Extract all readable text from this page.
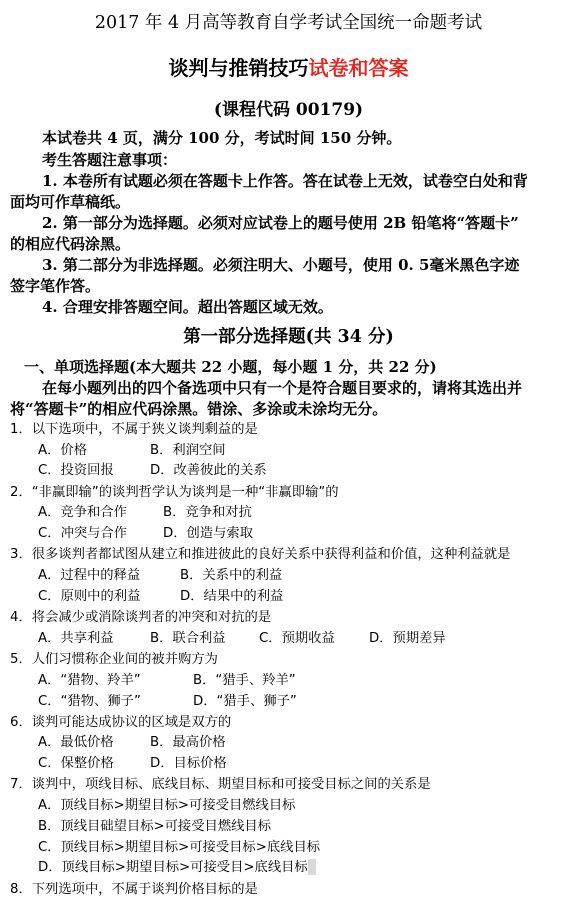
2017 年 4 月高等教育自学考试全国统一命题考试
谈判与推销技巧试卷和答案
(课程代码 00179)
本试卷共 4 页，满分 100 分，考试时间 150 分钟。
考生答题注意事项：
1. 本卷所有试题必须在答题卡上作答。答在试卷上无效，试卷空白处和背
面均可作草稿纸。
2. 第一部分为选择题。必须对应试卷上的题号使用 2B 铅笔将“答题卡”
的相应代码涂黑。
3. 第二部分为非选择题。必须注明大、小题号，使用 0. 5毫米黑色字迹
签字笔作答。
4. 合理安排答题空间。超出答题区域无效。
第一部分选择题(共 34 分)
一、单项选择题(本大题共 22 小题，每小题 1 分，共 22 分)
在每小题列出的四个备选项中只有一个是符合题目要求的，请将其选出并
将“答题卡”的相应代码涂黑。错涂、多涂或未涂均无分。
1．以下选项中，不属于狭义谈判剩益的是
A．价格	B．利润空间
C．投资回报	D．改善彼此的关系
2．“非赢即输”的谈判哲学认为谈判是一种“非赢即输”的
A．竞争和合作	B．竞争和对抗
C．冲突与合作	D．创造与索取
3．很多谈判者都试图从建立和推进彼此的良好关系中获得利益和价值，这种利益就是
A．过程中的释益	B．关系中的利益
C．原则中的利益	D．结果中的利益
4．将会减少或消除谈判者的冲突和对抗的是
A．共享利益	B．联合利益	C．预期收益	D．预期差异
5．人们习惯称企业间的被并购方为
A．“猎物、羚羊”	B．“猎手、羚羊”
C．“猎物、狮子”	D．“猎手、狮子”
6．谈判可能达成协议的区域是双方的
A．最低价格	B．最高价格
C．保整价格	D．目标价格
7．谈判中，项线目标、底线目标、期望目标和可接受目标之间的关系是
A．顶线目标>期望目标>可接受目燃线目标
B．顶线目础望目标>可接受目燃线目标
C．顶线目标>期望目标>可接受目标>底线目标
D．顶线目标>期望目标>可接受目>底线目标
8．下列选项中，不属于谈判价格目标的是
